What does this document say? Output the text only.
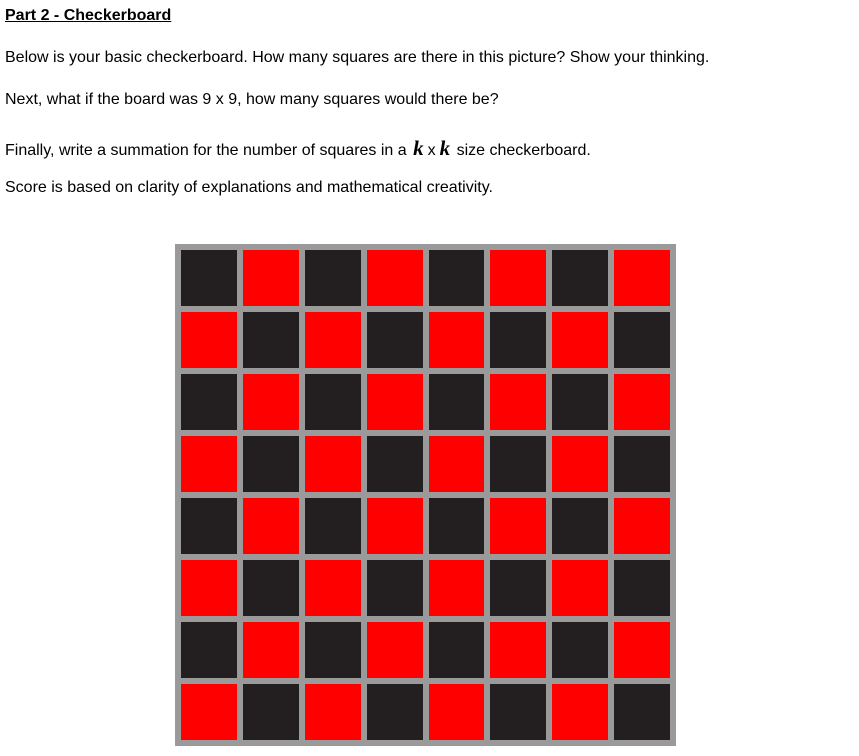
Part 2 - Checkerboard

Below is your basic checkerboard. How many squares are there in this picture? Show your thinking.

Next, what if the board was 9 x 9, how many squares would there be?

Finally, write a summation for the number of squares in a k x k size checkerboard.

Score is based on clarity of explanations and mathematical creativity.
